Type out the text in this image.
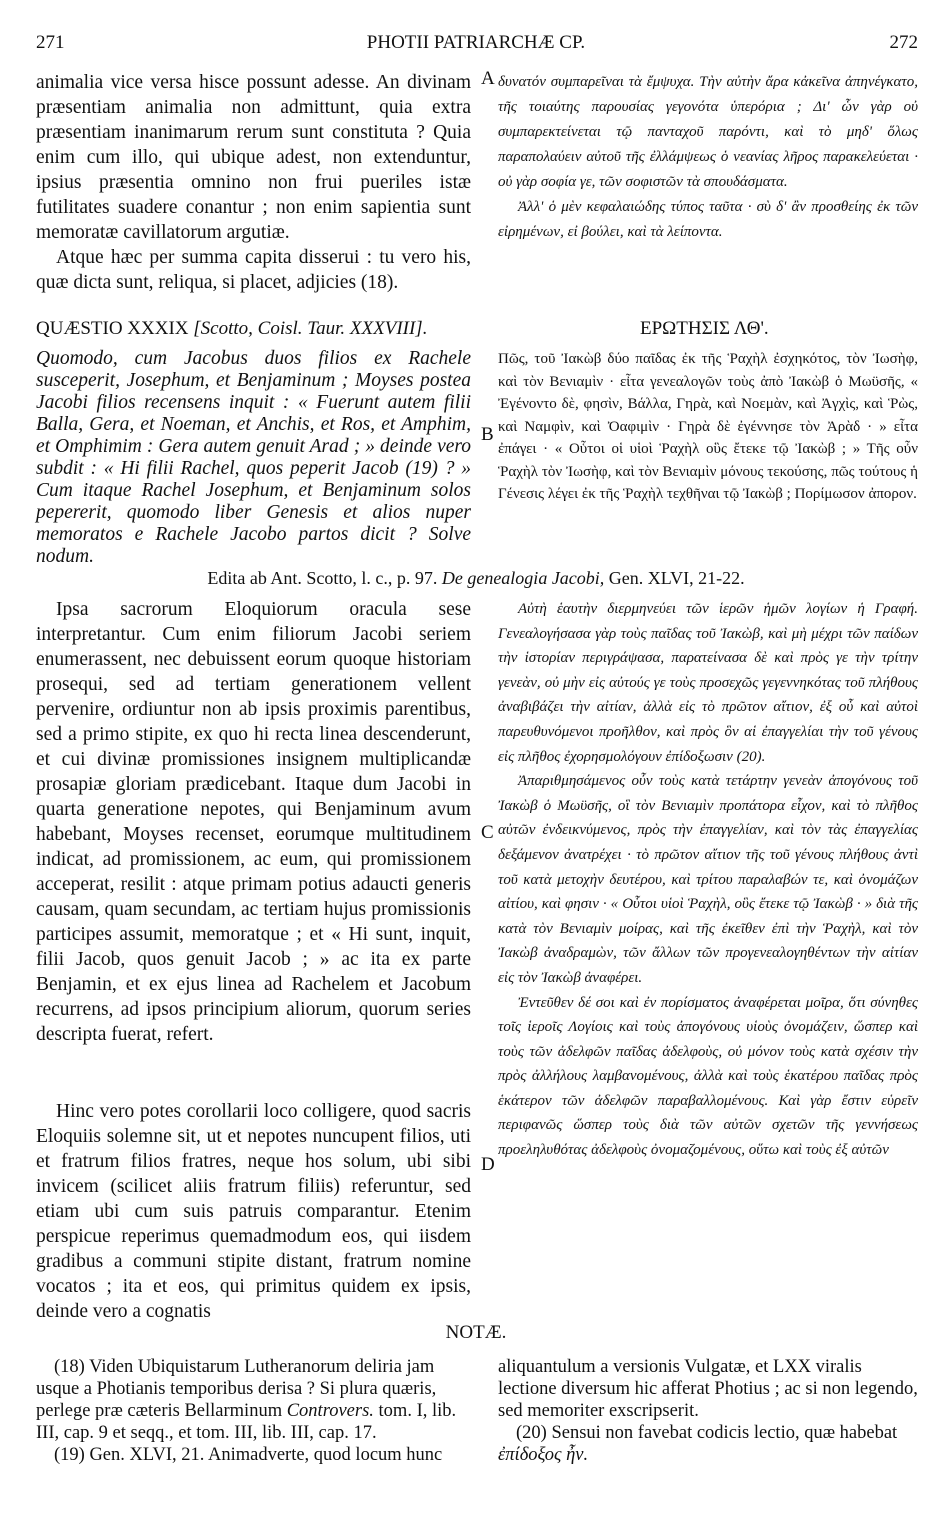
271	PHOTII PATRIARCHÆ CP.	272
A
B
C
D

animalia vice versa hisce possunt adesse. An divinam præsentiam animalia non admittunt, quia extra præsentiam inanimarum rerum sunt constituta ? Quia enim cum illo, qui ubique adest, non extenduntur, ipsius præsentia omnino non frui pueriles istæ futilitates suadere conantur ; non enim sapientia sunt memoratæ cavillatorum argutiæ.

Atque hæc per summa capita disserui : tu vero his, quæ dicta sunt, reliqua, si placet, adjicies (18).

δυνατόν συμπαρεῖναι τὰ ἔμψυχα. Τὴν αὐτὴν ἄρα κἀκεῖνα ἀπηνέγκατο, τῆς τοιαύτης παρουσίας γεγονότα ὑπερόρια ; Δι' ὧν γὰρ οὐ συμπαρεκτείνεται τῷ πανταχοῦ παρόντι, καὶ τὸ μηδ' ὅλως παραπολαύειν αὐτοῦ τῆς ἐλλάμψεως ὁ νεανίας λῆρος παρακελεύεται · οὐ γὰρ σοφία γε, τῶν σοφιστῶν τὰ σπουδάσματα.

Ἀλλ' ὁ μὲν κεφαλαιώδης τύπος ταῦτα · σὺ δ' ἂν προσθείης ἐκ τῶν εἰρημένων, εἰ βούλει, καὶ τὰ λείποντα.

QUÆSTIO XXXIX [Scotto, Coisl. Taur. XXXVIII].	ΕΡΩΤΗΣΙΣ ΛΘ'.
Quomodo, cum Jacobus duos filios ex Rachele susceperit, Josephum, et Benjaminum ; Moyses postea Jacobi filios recensens inquit : « Fuerunt autem filii Balla, Gera, et Noeman, et Anchis, et Ros, et Amphim, et Omphimim : Gera autem genuit Arad ; » deinde vero subdit : « Hi filii Rachel, quos peperit Jacob (19) ? » Cum itaque Rachel Josephum, et Benjaminum solos pepererit, quomodo liber Genesis et alios nuper memoratos e Rachele Jacobo partos dicit ? Solve nodum.
Πῶς, τοῦ Ἰακὼβ δύο παῖδας ἐκ τῆς Ῥαχὴλ ἐσχηκότος, τὸν Ἰωσὴφ, καὶ τὸν Βενιαμὶν · εἶτα γενεαλογῶν τοὺς ἀπὸ Ἰακὼβ ὁ Μωϋσῆς, « Ἐγένοντο δὲ, φησὶν, Βάλλα, Γηρὰ, καὶ Νοεμὰν, καὶ Ἀγχὶς, καὶ Ῥὼς, καὶ Ναμφὶν, καὶ Ὀαφιμὶν · Γηρὰ δὲ ἐγέννησε τὸν Ἀρὰδ · » εἶτα ἐπάγει · « Οὗτοι οἱ υἱοὶ Ῥαχὴλ οὓς ἔτεκε τῷ Ἰακὼβ ; » Τῆς οὖν Ῥαχὴλ τὸν Ἰωσὴφ, καὶ τὸν Βενιαμὶν μόνους τεκούσης, πῶς τούτους ἡ Γένεσις λέγει ἐκ τῆς Ῥαχὴλ τεχθῆναι τῷ Ἰακὼβ ; Πορίμωσον ἀπορον.
Edita ab Ant. Scotto, l. c., p. 97. De genealogia Jacobi, Gen. XLVI, 21-22.

Ipsa sacrorum Eloquiorum oracula sese interpretantur. Cum enim filiorum Jacobi seriem enumerassent, nec debuissent eorum quoque historiam prosequi, sed ad tertiam generationem vellent pervenire, ordiuntur non ab ipsis proximis parentibus, sed a primo stipite, ex quo hi recta linea descenderunt, et cui divinæ promissiones insignem multiplicandæ prosapiæ gloriam prædicebant. Itaque dum Jacobi in quarta generatione nepotes, qui Benjaminum avum habebant, Moyses recenset, eorumque multitudinem indicat, ad promissionem, ac eum, qui promissionem acceperat, resilit : atque primam potius adaucti generis causam, quam secundam, ac tertiam hujus promissionis participes assumit, memoratque ; et « Hi sunt, inquit, filii Jacob, quos genuit Jacob ; » ac ita ex parte Benjamin, et ex ejus linea ad Rachelem et Jacobum recurrens, ad ipsos principium aliorum, quorum series descripta fuerat, refert.

Hinc vero potes corollarii loco colligere, quod sacris Eloquiis solemne sit, ut et nepotes nuncupent filios, uti et fratrum filios fratres, neque hos solum, ubi sibi invicem (scilicet aliis fratrum filiis) referuntur, sed etiam ubi cum suis patruis comparantur. Etenim perspicue reperimus quemadmodum eos, qui iisdem gradibus a communi stipite distant, fratrum nomine vocatos ; ita et eos, qui primitus quidem ex ipsis, deinde vero a cognatis

Αὐτὴ ἑαυτὴν διερμηνεύει τῶν ἱερῶν ἡμῶν λογίων ἡ Γραφή. Γενεαλογήσασα γὰρ τοὺς παῖδας τοῦ Ἰακὼβ, καὶ μὴ μέχρι τῶν παίδων τὴν ἱστορίαν περιγράψασα, παρατείνασα δὲ καὶ πρὸς γε τὴν τρίτην γενεὰν, οὐ μὴν εἰς αὐτούς γε τοὺς προσεχῶς γεγεννηκότας τοῦ πλήθους ἀναβιβάζει τὴν αἰτίαν, ἀλλὰ εἰς τὸ πρῶτον αἴτιον, ἐξ οὗ καὶ αὐτοὶ παρευθυνόμενοι προῆλθον, καὶ πρὸς ὃν αἱ ἐπαγγελίαι τὴν τοῦ γένους εἰς πλῆθος ἐχορησμολόγουν ἐπίδοξωσιν (20).

Ἀπαριθμησάμενος οὖν τοὺς κατὰ τετάρτην γενεὰν ἀπογόνους τοῦ Ἰακὼβ ὁ Μωϋσῆς, οἳ τὸν Βενιαμὶν προπάτορα εἶχον, καὶ τὸ πλῆθος αὐτῶν ἐνδεικνύμενος, πρὸς τὴν ἐπαγγελίαν, καὶ τὸν τὰς ἐπαγγελίας δεξάμενον ἀνατρέχει · τὸ πρῶτον αἴτιον τῆς τοῦ γένους πλήθους ἀντὶ τοῦ κατὰ μετοχὴν δευτέρου, καὶ τρίτου παραλαβών τε, καὶ ὀνομάζων αἰτίου, καὶ φησιν · « Οὗτοι υἱοὶ Ῥαχὴλ, οὓς ἔτεκε τῷ Ἰακὼβ · » διὰ τῆς κατὰ τὸν Βενιαμὶν μοίρας, καὶ τῆς ἐκεῖθεν ἐπὶ τὴν Ῥαχὴλ, καὶ τὸν Ἰακὼβ ἀναδραμὼν, τῶν ἄλλων τῶν προγενεαλογηθέντων τὴν αἰτίαν εἰς τὸν Ἰακὼβ ἀναφέρει.

Ἐντεῦθεν δέ σοι καὶ ἐν πορίσματος ἀναφέρεται μοῖρα, ὅτι σύνηθες τοῖς ἱεροῖς Λογίοις καὶ τοὺς ἀπογόνους υἱοὺς ὀνομάζειν, ὥσπερ καὶ τοὺς τῶν ἀδελφῶν παῖδας ἀδελφοὺς, οὐ μόνον τοὺς κατὰ σχέσιν τὴν πρὸς ἀλλήλους λαμβανομένους, ἀλλὰ καὶ τοὺς ἑκατέρου παῖδας πρὸς ἑκάτερον τῶν ἀδελφῶν παραβαλλομένους. Καὶ γὰρ ἔστιν εὑρεῖν περιφανῶς ὥσπερ τοὺς διὰ τῶν αὐτῶν σχετῶν τῆς γεννήσεως προεληλυθότας ἀδελφοὺς ὀνομαζομένους, οὕτω καὶ τοὺς ἐξ αὐτῶν

NOTÆ.

(18) Viden Ubiquistarum Lutheranorum deliria jam usque a Photianis temporibus derisa ? Si plura quæris, perlege præ cæteris Bellarminum Controvers. tom. I, lib. III, cap. 9 et seqq., et tom. III, lib. III, cap. 17.

(19) Gen. XLVI, 21. Animadverte, quod locum hunc

aliquantulum a versionis Vulgatæ, et LXX viralis lectione diversum hic afferat Photius ; ac si non legendo, sed memoriter exscripserit.

(20) Sensui non favebat codicis lectio, quæ habebat ἐπίδοξος ἦν.
